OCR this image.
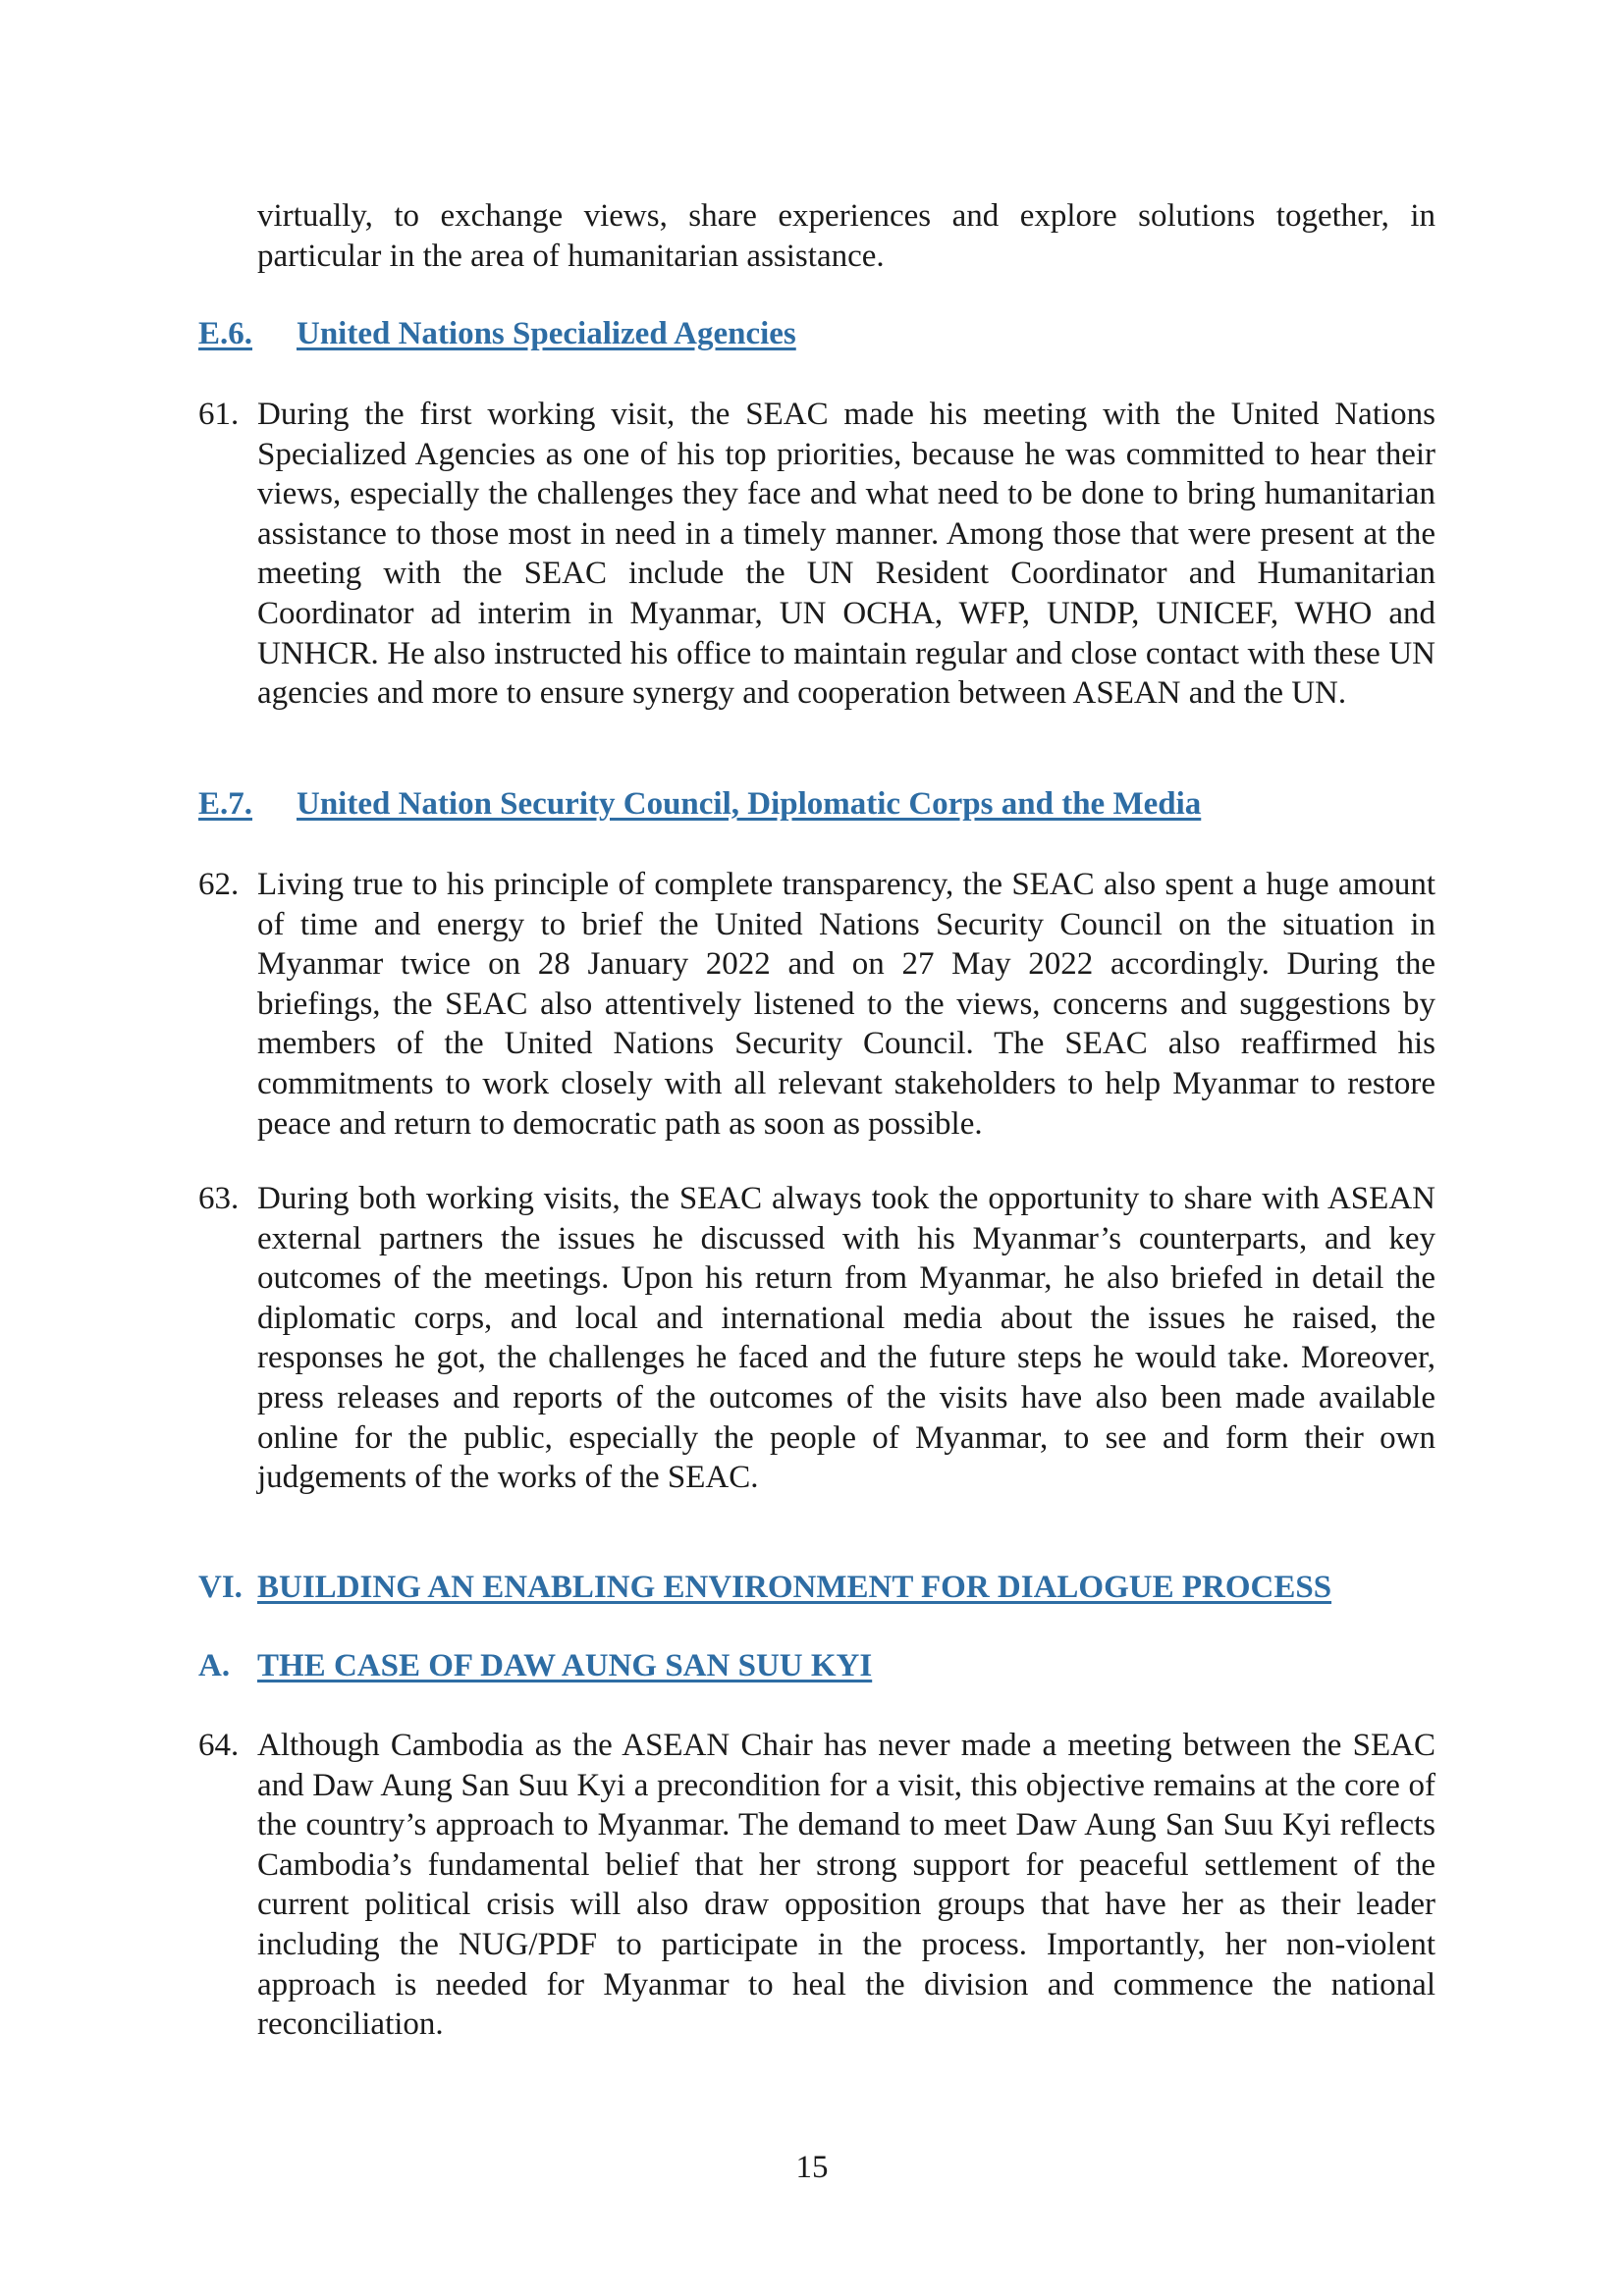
virtually, to exchange views, share experiences and explore solutions together, in particular in the area of humanitarian assistance.

E.6. United Nations Specialized Agencies

61. During the first working visit, the SEAC made his meeting with the United Nations Specialized Agencies as one of his top priorities, because he was committed to hear their views, especially the challenges they face and what need to be done to bring humanitarian assistance to those most in need in a timely manner. Among those that were present at the meeting with the SEAC include the UN Resident Coordinator and Humanitarian Coordinator ad interim in Myanmar, UN OCHA, WFP, UNDP, UNICEF, WHO and UNHCR. He also instructed his office to maintain regular and close contact with these UN agencies and more to ensure synergy and cooperation between ASEAN and the UN.

E.7. United Nation Security Council, Diplomatic Corps and the Media

62. Living true to his principle of complete transparency, the SEAC also spent a huge amount of time and energy to brief the United Nations Security Council on the situation in Myanmar twice on 28 January 2022 and on 27 May 2022 accordingly. During the briefings, the SEAC also attentively listened to the views, concerns and suggestions by members of the United Nations Security Council. The SEAC also reaffirmed his commitments to work closely with all relevant stakeholders to help Myanmar to restore peace and return to democratic path as soon as possible.

63. During both working visits, the SEAC always took the opportunity to share with ASEAN external partners the issues he discussed with his Myanmar’s counterparts, and key outcomes of the meetings. Upon his return from Myanmar, he also briefed in detail the diplomatic corps, and local and international media about the issues he raised, the responses he got, the challenges he faced and the future steps he would take. Moreover, press releases and reports of the outcomes of the visits have also been made available online for the public, especially the people of Myanmar, to see and form their own judgements of the works of the SEAC.

VI. BUILDING AN ENABLING ENVIRONMENT FOR DIALOGUE PROCESS
A. THE CASE OF DAW AUNG SAN SUU KYI

64. Although Cambodia as the ASEAN Chair has never made a meeting between the SEAC and Daw Aung San Suu Kyi a precondition for a visit, this objective remains at the core of the country’s approach to Myanmar. The demand to meet Daw Aung San Suu Kyi reflects Cambodia’s fundamental belief that her strong support for peaceful settlement of the current political crisis will also draw opposition groups that have her as their leader including the NUG/PDF to participate in the process. Importantly, her non-violent approach is needed for Myanmar to heal the division and commence the national reconciliation.

15
